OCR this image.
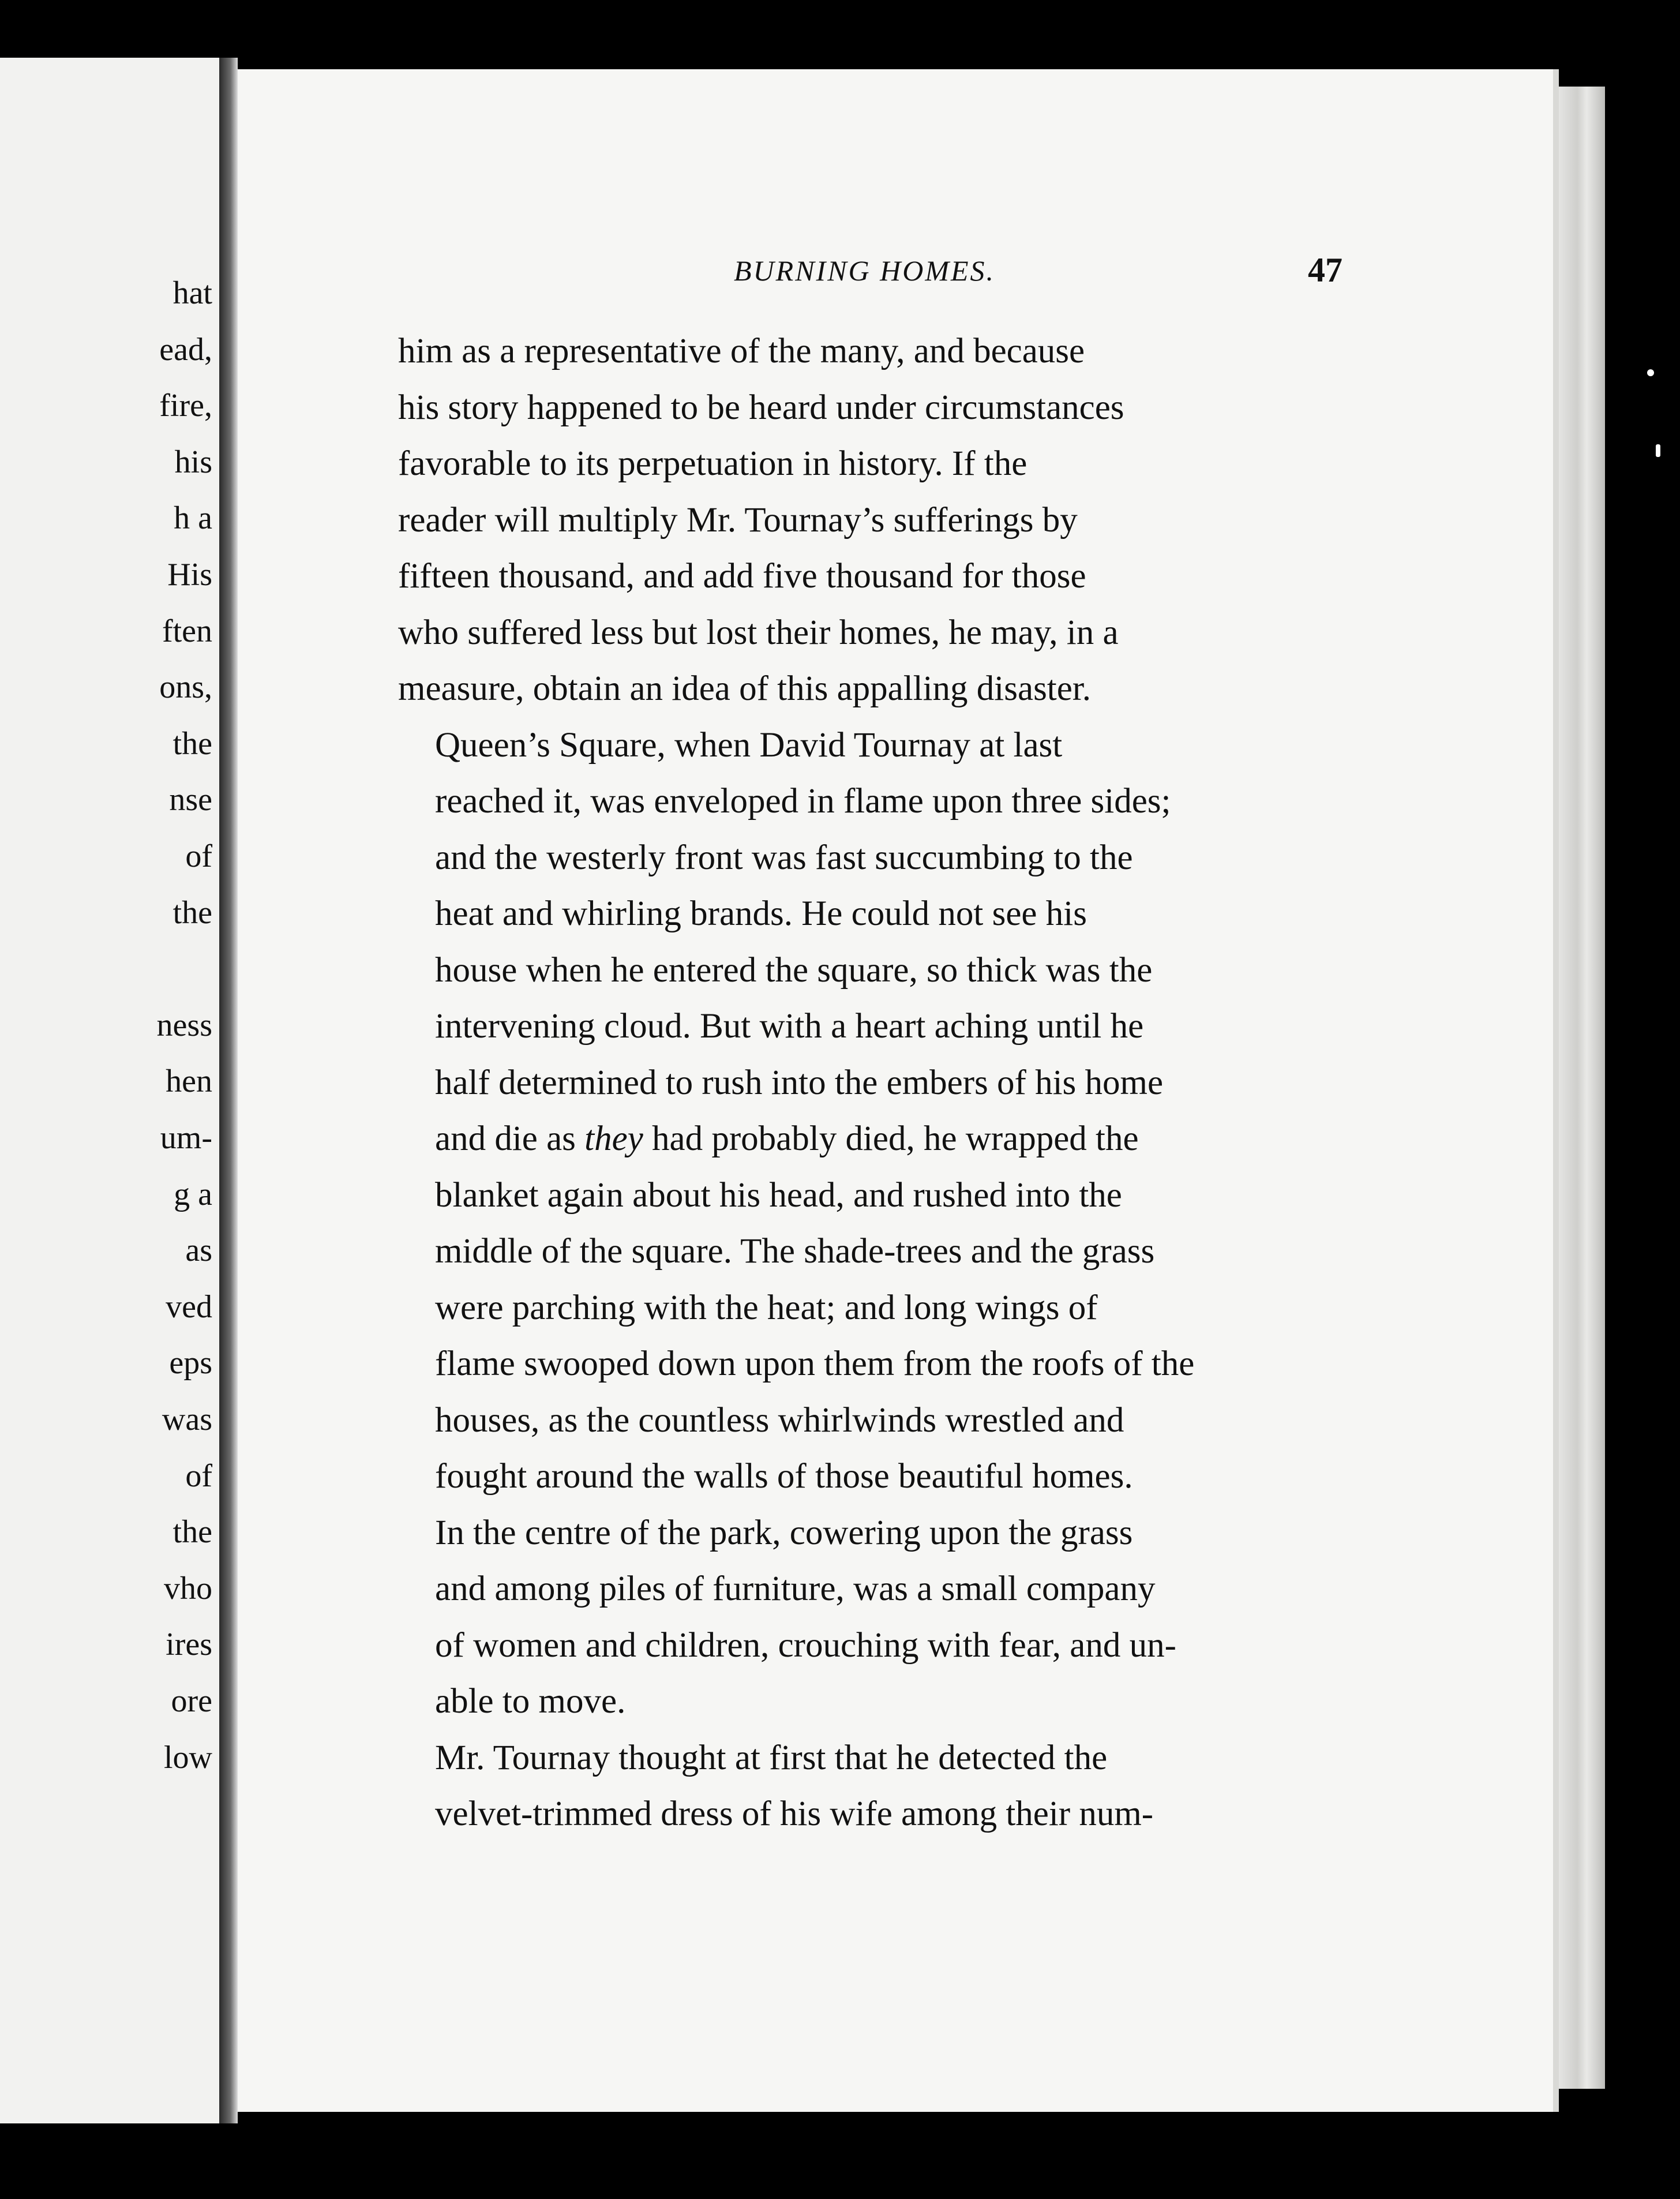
hat
ead,
fire,
his
h a
His
ften
ons,
the
nse
of
the
ness
hen
um-
g a
as
ved
eps
was
of
the
vho
ires
ore
low
BURNING HOMES.	47

him as a representative of the many, and because
his story happened to be heard under circumstances
favorable to its perpetuation in history. If the
reader will multiply Mr. Tournay’s sufferings by
fifteen thousand, and add five thousand for those
who suffered less but lost their homes, he may, in a
measure, obtain an idea of this appalling disaster.

Queen’s Square, when David Tournay at last
reached it, was enveloped in flame upon three sides;
and the westerly front was fast succumbing to the
heat and whirling brands. He could not see his
house when he entered the square, so thick was the
intervening cloud. But with a heart aching until he
half determined to rush into the embers of his home
and die as they had probably died, he wrapped the
blanket again about his head, and rushed into the
middle of the square. The shade-trees and the grass
were parching with the heat; and long wings of
flame swooped down upon them from the roofs of the
houses, as the countless whirlwinds wrestled and
fought around the walls of those beautiful homes.
In the centre of the park, cowering upon the grass
and among piles of furniture, was a small company
of women and children, crouching with fear, and un-
able to move.

Mr. Tournay thought at first that he detected the
velvet-trimmed dress of his wife among their num-
